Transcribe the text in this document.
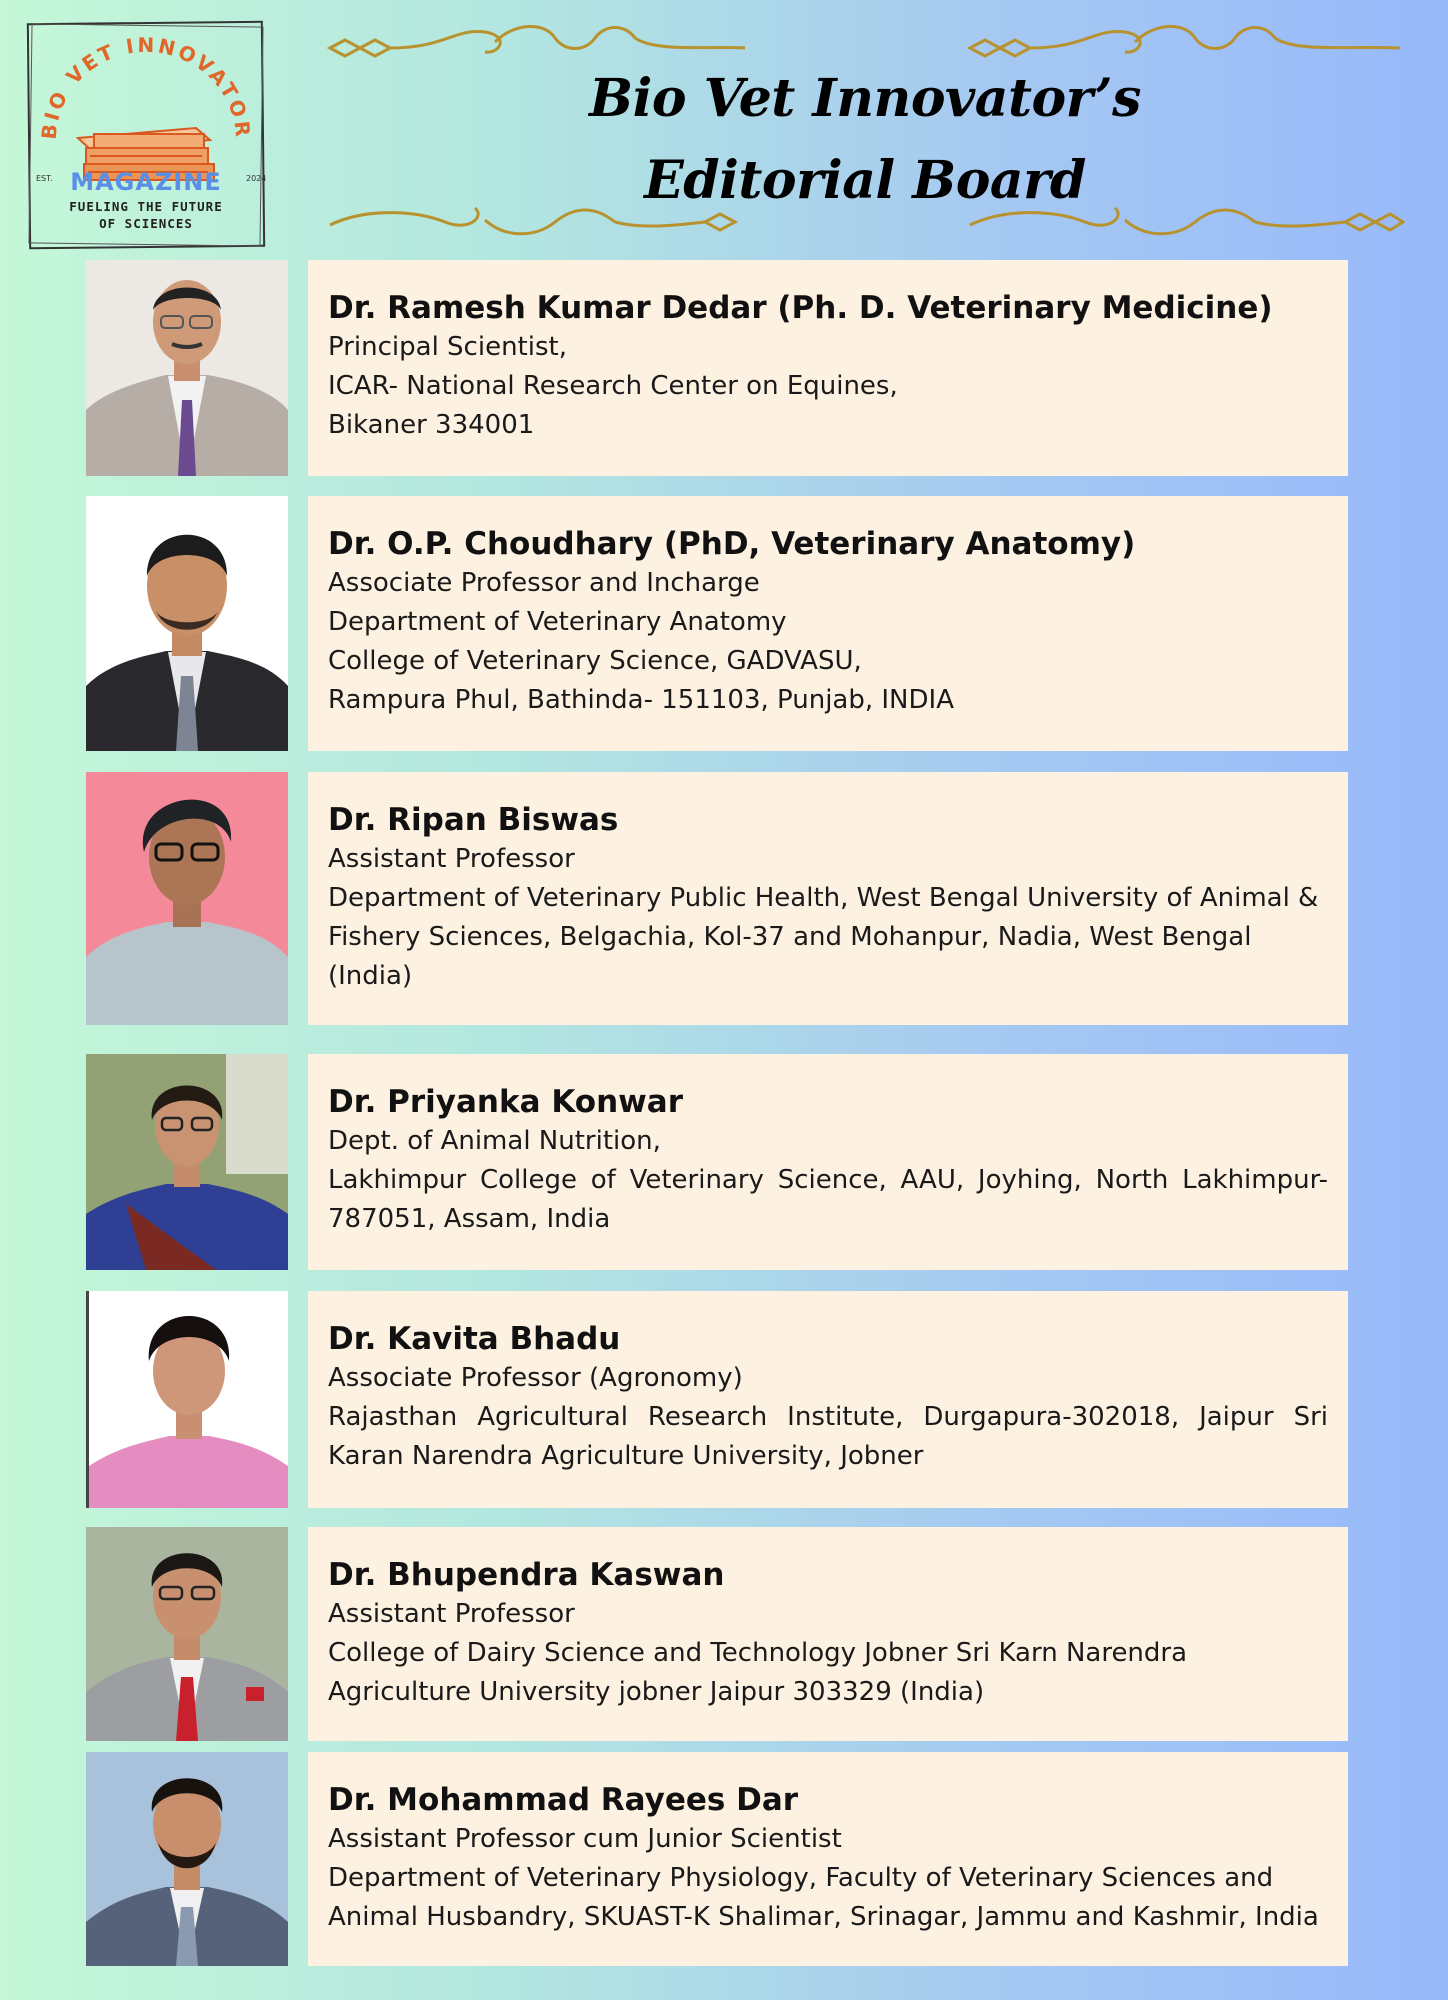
BIO VET INNOVATOR
EST.	2024
MAGAZINE
FUELING THE FUTURE
OF SCIENCES
Bio Vet Innovator’s
Editorial Board

Dr. Ramesh Kumar Dedar (Ph. D. Veterinary Medicine)

Principal Scientist,

ICAR- National Research Center on Equines,

Bikaner 334001

Dr. O.P. Choudhary (PhD, Veterinary Anatomy)

Associate Professor and Incharge

Department of Veterinary Anatomy

College of Veterinary Science, GADVASU,

Rampura Phul, Bathinda- 151103, Punjab, INDIA

Dr. Ripan Biswas

Assistant Professor

Department of Veterinary Public Health, West Bengal University of Animal & Fishery Sciences, Belgachia, Kol-37 and Mohanpur, Nadia, West Bengal (India)

Dr. Priyanka Konwar

Dept. of Animal Nutrition,

Lakhimpur College of Veterinary Science, AAU, Joyhing, North Lakhimpur-787051, Assam, India

Dr. Kavita Bhadu

Associate Professor (Agronomy)

Rajasthan Agricultural Research Institute, Durgapura-302018, Jaipur Sri Karan Narendra Agriculture University, Jobner

Dr. Bhupendra Kaswan

Assistant Professor

College of Dairy Science and Technology Jobner Sri Karn Narendra Agriculture University jobner Jaipur 303329 (India)

Dr. Mohammad Rayees Dar

Assistant Professor cum Junior Scientist

Department of Veterinary Physiology, Faculty of Veterinary Sciences and Animal Husbandry, SKUAST-K Shalimar, Srinagar, Jammu and Kashmir, India
